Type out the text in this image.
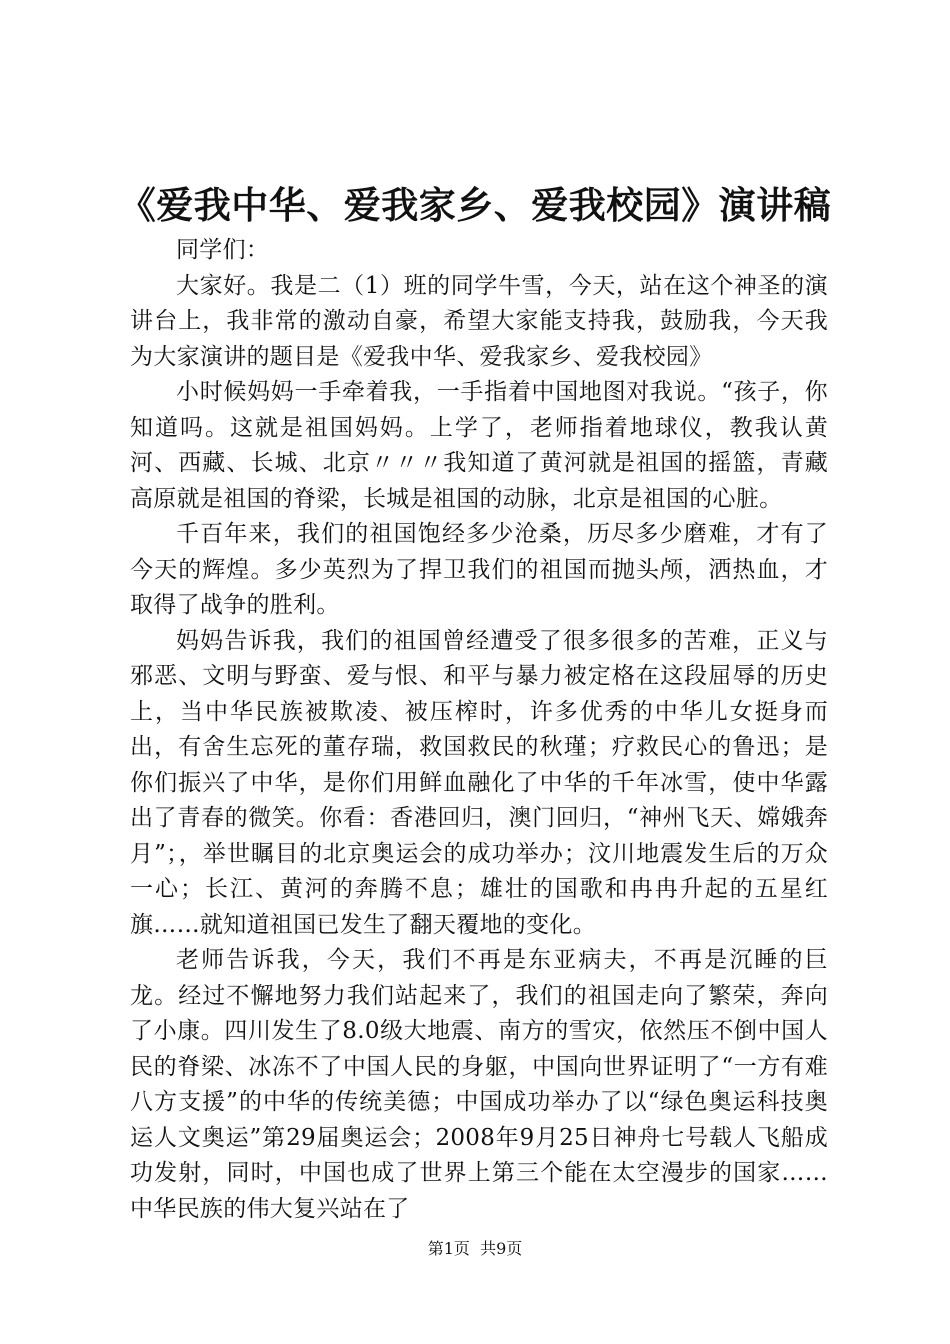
《爱我中华、爱我家乡、爱我校园》演讲稿

同学们：

大家好。我是二（1）班的同学牛雪，今天，站在这个神圣的演讲台上，我非常的激动自豪，希望大家能支持我，鼓励我，今天我为大家演讲的题目是《爱我中华、爱我家乡、爱我校园》

小时候妈妈一手牵着我，一手指着中国地图对我说。“孩子，你知道吗。这就是祖国妈妈。上学了，老师指着地球仪，教我认黄河、西藏、长城、北京〃〃〃我知道了黄河就是祖国的摇篮，青藏高原就是祖国的脊梁，长城是祖国的动脉，北京是祖国的心脏。

千百年来，我们的祖国饱经多少沧桑，历尽多少磨难，才有了今天的辉煌。多少英烈为了捍卫我们的祖国而抛头颅，洒热血，才取得了战争的胜利。

妈妈告诉我，我们的祖国曾经遭受了很多很多的苦难，正义与邪恶、文明与野蛮、爱与恨、和平与暴力被定格在这段屈辱的历史上，当中华民族被欺凌、被压榨时，许多优秀的中华儿女挺身而出，有舍生忘死的董存瑞，救国救民的秋瑾；疗救民心的鲁迅；是你们振兴了中华，是你们用鲜血融化了中华的千年冰雪，使中华露出了青春的微笑。你看：香港回归，澳门回归，“神州飞天、嫦娥奔月”；，举世瞩目的北京奥运会的成功举办；汶川地震发生后的万众一心；长江、黄河的奔腾不息；雄壮的国歌和冉冉升起的五星红旗……就知道祖国已发生了翻天覆地的变化。

老师告诉我，今天，我们不再是东亚病夫，不再是沉睡的巨龙。经过不懈地努力我们站起来了，我们的祖国走向了繁荣，奔向了小康。四川发生了8.0级大地震、南方的雪灾，依然压不倒中国人民的脊梁、冰冻不了中国人民的身躯，中国向世界证明了“一方有难八方支援”的中华的传统美德；中国成功举办了以“绿色奥运科技奥运人文奥运”第29届奥运会；2008年9月25日神舟七号载人飞船成功发射，同时，中国也成了世界上第三个能在太空漫步的国家……中华民族的伟大复兴站在了

第1页  共9页
